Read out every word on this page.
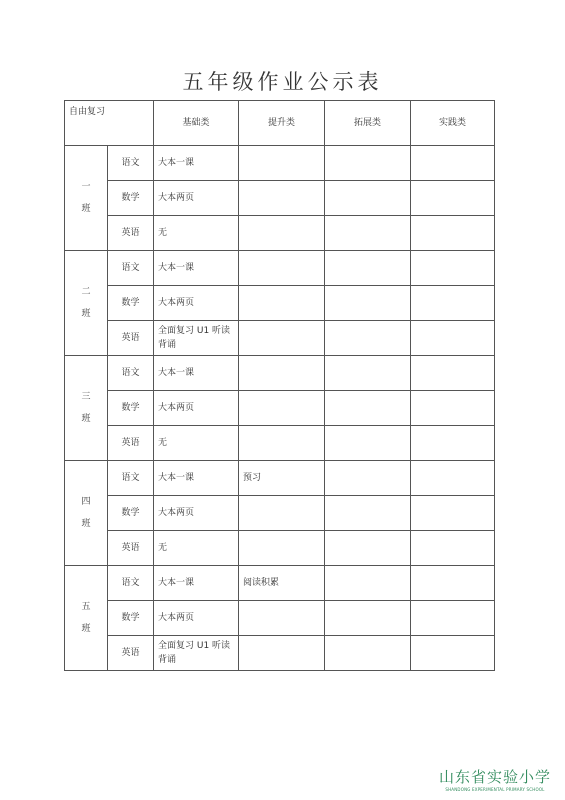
五年级作业公示表
自由复习		基础类	提升类	拓展类	实践类

一
班	语文	大本一课			
	数学	大本两页			
	英语	无			

二
班	语文	大本一课			
	数学	大本两页			
	英语	全面复习 U1 听读背诵			

三
班	语文	大本一课			
	数学	大本两页			
	英语	无			

四
班	语文	大本一课	预习		
	数学	大本两页			
	英语	无			

五
班	语文	大本一课	阅读积累		
	数学	大本两页			
	英语	全面复习 U1 听读背诵			
山东省实验小学
SHANDONG EXPERIMENTAL PRIMARY SCHOOL
